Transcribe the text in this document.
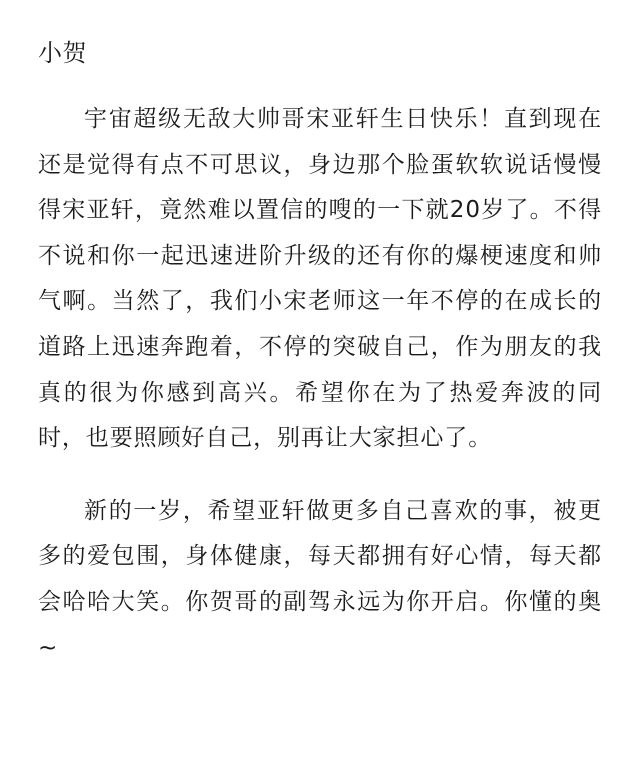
小贺

宇宙超级无敌大帅哥宋亚轩生日快乐！直到现在还是觉得有点不可思议，身边那个脸蛋软软说话慢慢得宋亚轩，竟然难以置信的嗖的一下就20岁了。不得不说和你一起迅速进阶升级的还有你的爆梗速度和帅气啊。当然了，我们小宋老师这一年不停的在成长的道路上迅速奔跑着，不停的突破自己，作为朋友的我真的很为你感到高兴。希望你在为了热爱奔波的同时，也要照顾好自己，别再让大家担心了。

新的一岁，希望亚轩做更多自己喜欢的事，被更多的爱包围，身体健康，每天都拥有好心情，每天都会哈哈大笑。你贺哥的副驾永远为你开启。你懂的奥~
